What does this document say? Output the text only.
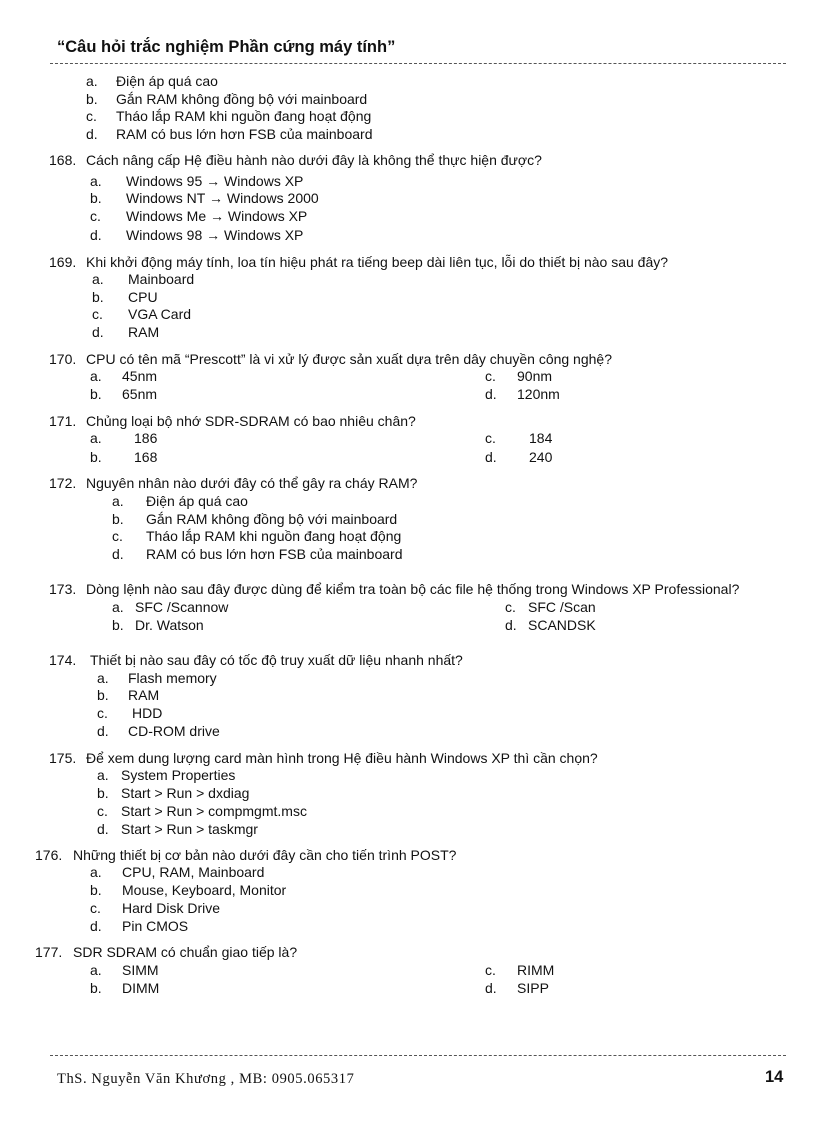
“Câu hỏi trắc nghiệm Phần cứng máy tính”
a. Điện áp quá cao
b. Gắn RAM không đồng bộ với mainboard
c. Tháo lắp RAM khi nguồn đang hoạt động
d. RAM có bus lớn hơn FSB của mainboard
168. Cách nâng cấp Hệ điều hành nào dưới đây là không thể thực hiện được?
a. Windows 95 → Windows XP
b. Windows NT → Windows 2000
c. Windows Me → Windows XP
d. Windows 98 → Windows XP
169. Khi khởi động máy tính, loa tín hiệu phát ra tiếng beep dài liên tục, lỗi do thiết bị nào sau đây?
a. Mainboard
b. CPU
c. VGA Card
d. RAM
170. CPU có tên mã “Prescott” là vi xử lý được sản xuất dựa trên dây chuyền công nghệ?
a. 45nm
b. 65nm
c. 90nm
d. 120nm
171. Chủng loại bộ nhớ SDR-SDRAM có bao nhiêu chân?
a. 186
b. 168
c. 184
d. 240
172. Nguyên nhân nào dưới đây có thể gây ra cháy RAM?
a. Điện áp quá cao
b. Gắn RAM không đồng bộ với mainboard
c. Tháo lắp RAM khi nguồn đang hoạt động
d. RAM có bus lớn hơn FSB của mainboard
173. Dòng lệnh nào sau đây được dùng để kiểm tra toàn bộ các file hệ thống trong Windows XP Professional?
a. SFC /Scannow
b. Dr. Watson
c. SFC /Scan
d. SCANDSK
174. Thiết bị nào sau đây có tốc độ truy xuất dữ liệu nhanh nhất?
a. Flash memory
b. RAM
c. HDD
d. CD-ROM drive
175. Để xem dung lượng card màn hình trong Hệ điều hành Windows XP thì cần chọn?
a. System Properties
b. Start > Run > dxdiag
c. Start > Run > compmgmt.msc
d. Start > Run > taskmgr
176. Những thiết bị cơ bản nào dưới đây cần cho tiến trình POST?
a. CPU, RAM, Mainboard
b. Mouse, Keyboard, Monitor
c. Hard Disk Drive
d. Pin CMOS
177. SDR SDRAM có chuẩn giao tiếp là?
a. SIMM
b. DIMM
c. RIMM
d. SIPP
ThS. Nguyễn Văn Khương , MB: 0905.065317	14
